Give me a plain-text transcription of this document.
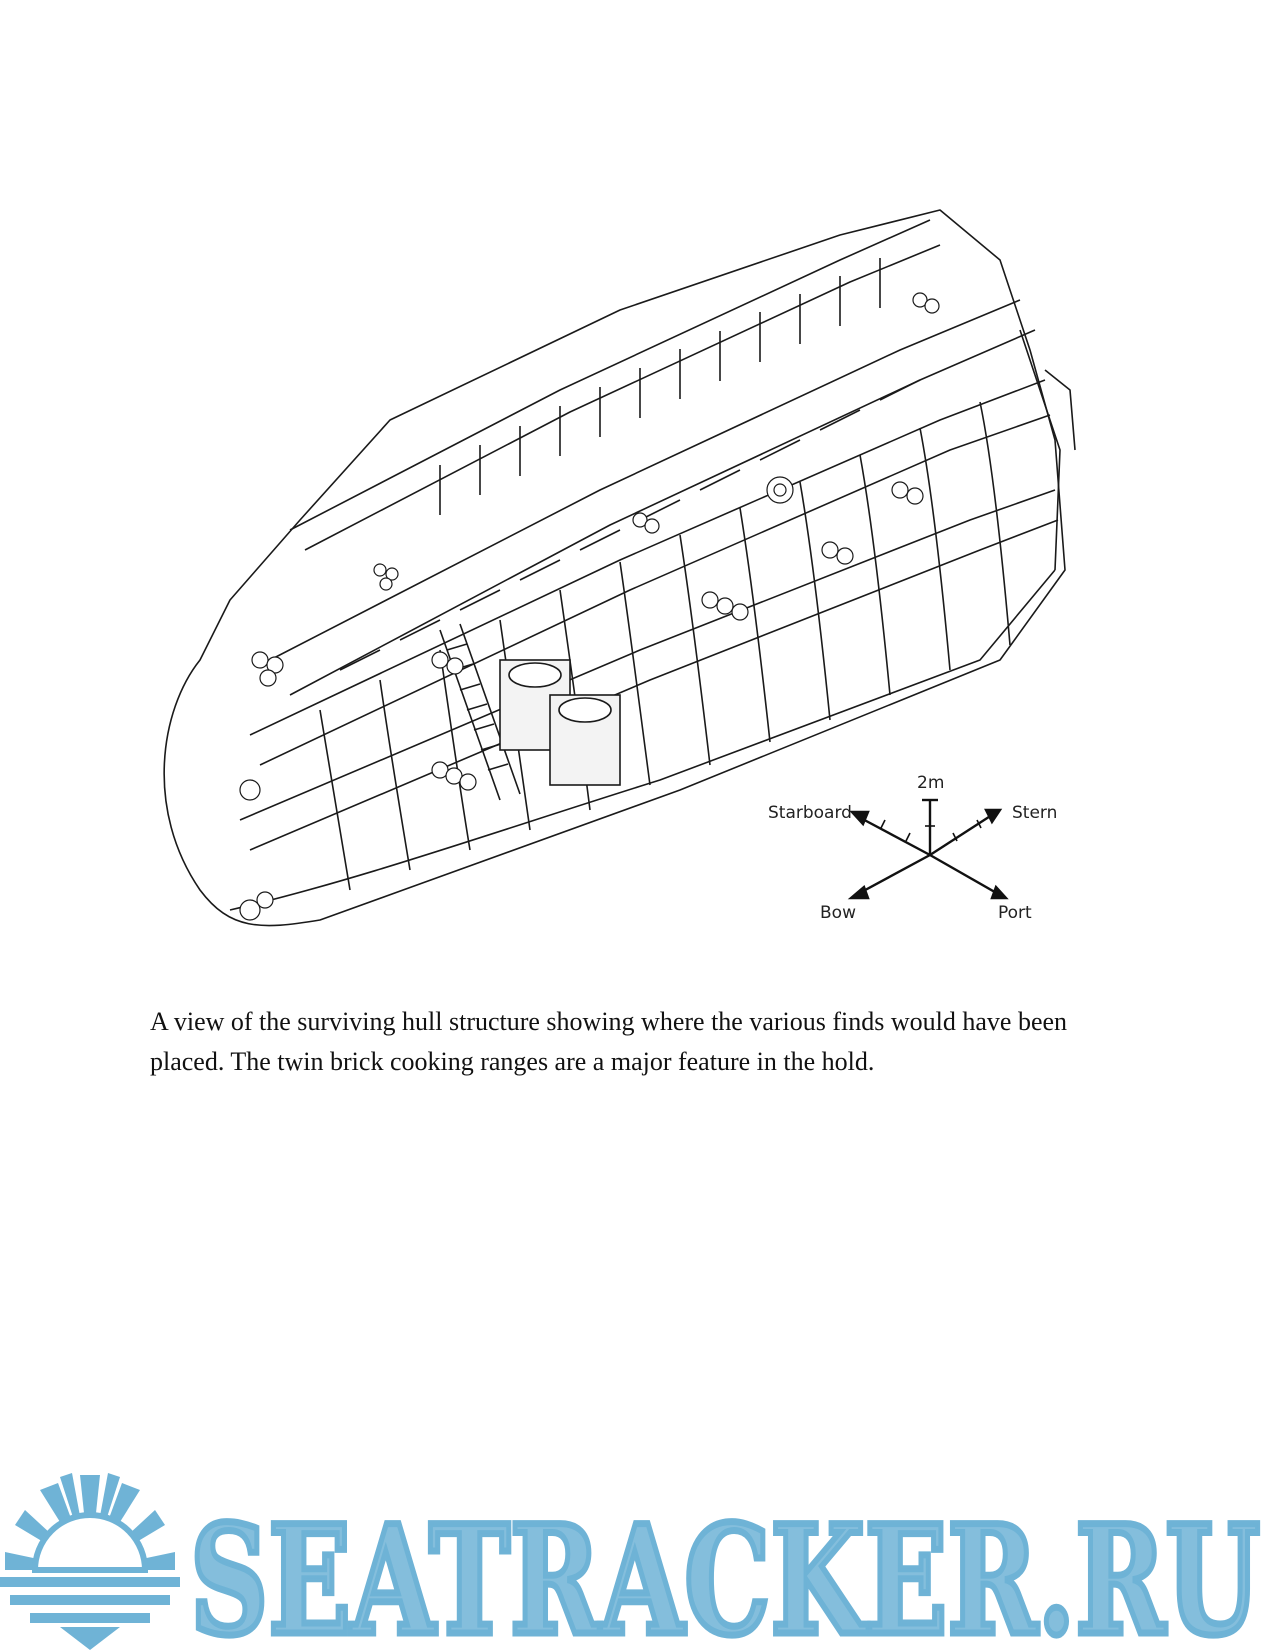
2m
Starboard	Stern
Bow	Port

A view of the surviving hull structure showing where the various finds would have been placed. The twin brick cooking ranges are a major feature in the hold.

SEATRACKER.RU
SEATRACKER.RU
